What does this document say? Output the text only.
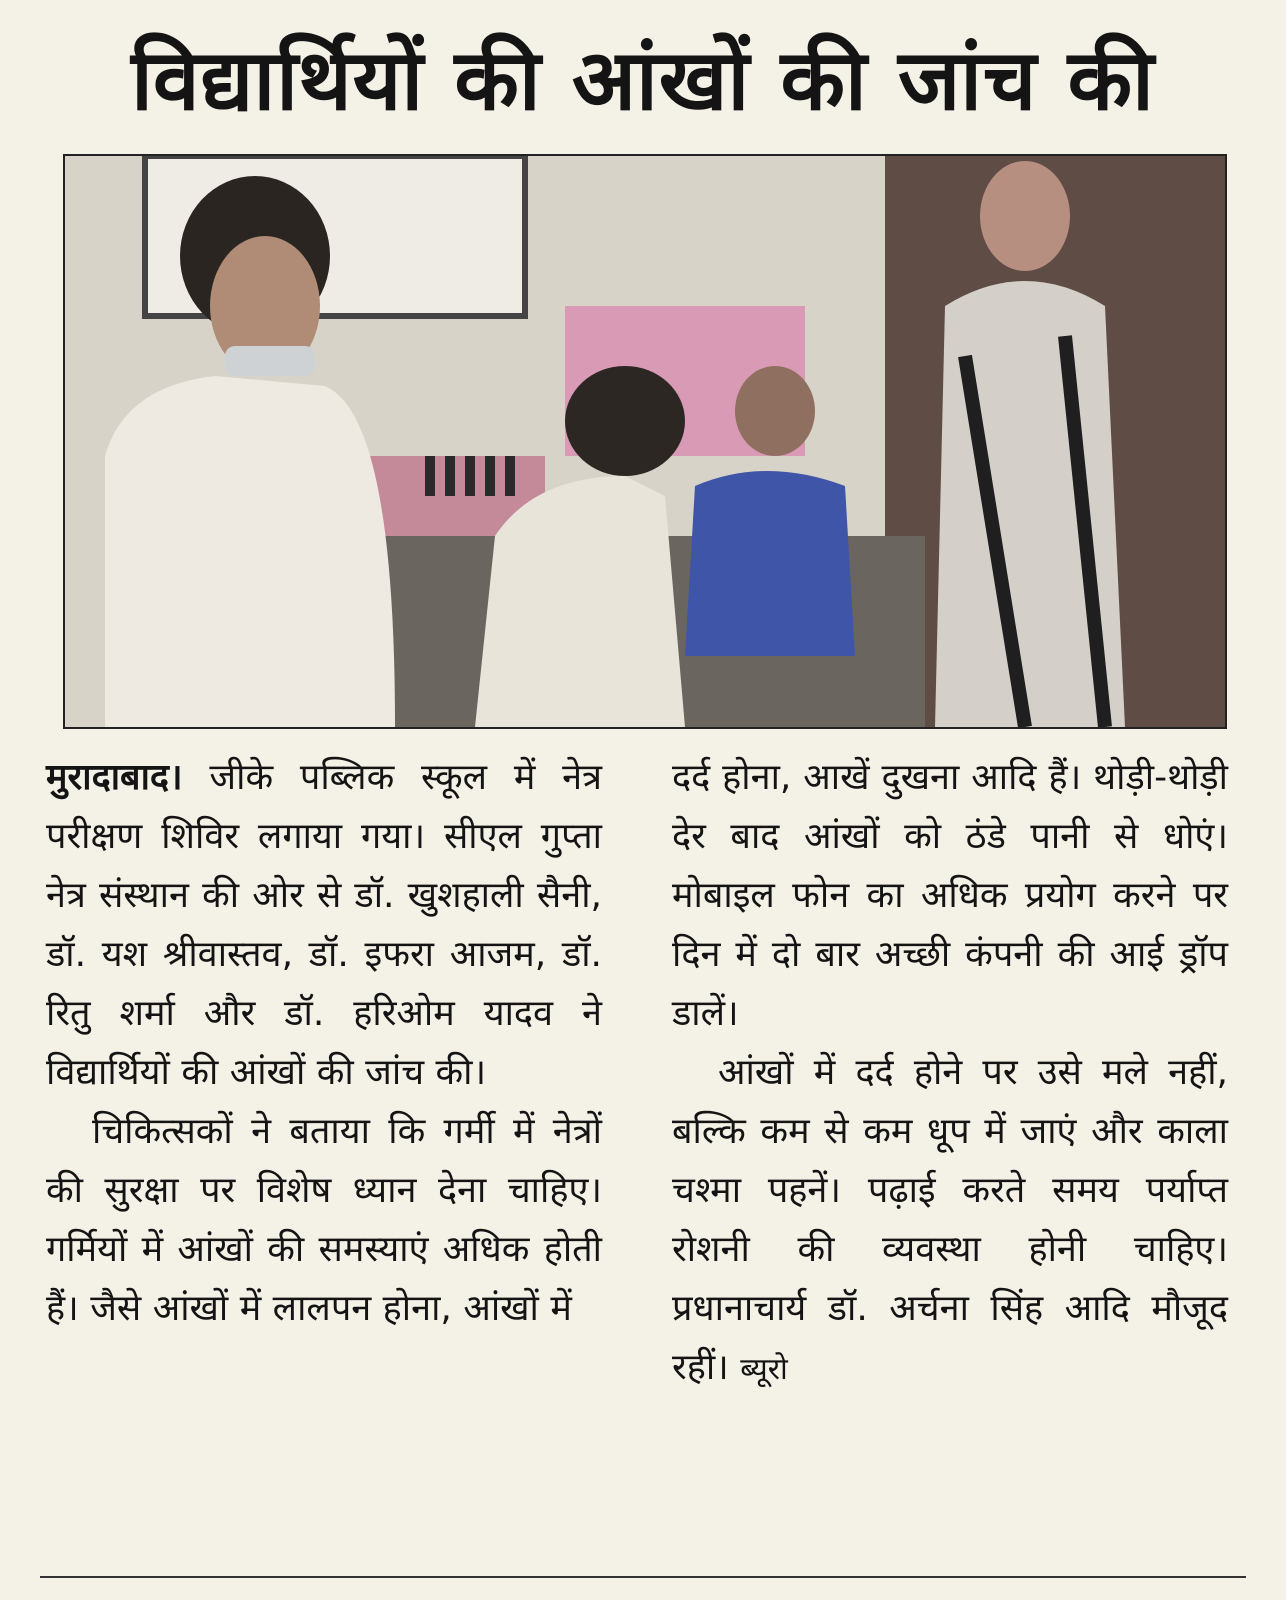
विद्यार्थियों की आंखों की जांच की

मुरादाबाद। जीके पब्लिक स्कूल में नेत्र परीक्षण शिविर लगाया गया। सीएल गुप्ता नेत्र संस्थान की ओर से डॉ. खुशहाली सैनी, डॉ. यश श्रीवास्तव, डॉ. इफरा आजम, डॉ. रितु शर्मा और डॉ. हरिओम यादव ने विद्यार्थियों की आंखों की जांच की।

चिकित्सकों ने बताया कि गर्मी में नेत्रों की सुरक्षा पर विशेष ध्यान देना चाहिए। गर्मियों में आंखों की समस्याएं अधिक होती हैं। जैसे आंखों में लालपन होना, आंखों में

दर्द होना, आखें दुखना आदि हैं। थोड़ी-थोड़ी देर बाद आंखों को ठंडे पानी से धोएं। मोबाइल फोन का अधिक प्रयोग करने पर दिन में दो बार अच्छी कंपनी की आई ड्रॉप डालें।

आंखों में दर्द होने पर उसे मले नहीं, बल्कि कम से कम धूप में जाएं और काला चश्मा पहनें। पढ़ाई करते समय पर्याप्त रोशनी की व्यवस्था होनी चाहिए। प्रधानाचार्य डॉ. अर्चना सिंह आदि मौजूद रहीं। ब्यूरो
